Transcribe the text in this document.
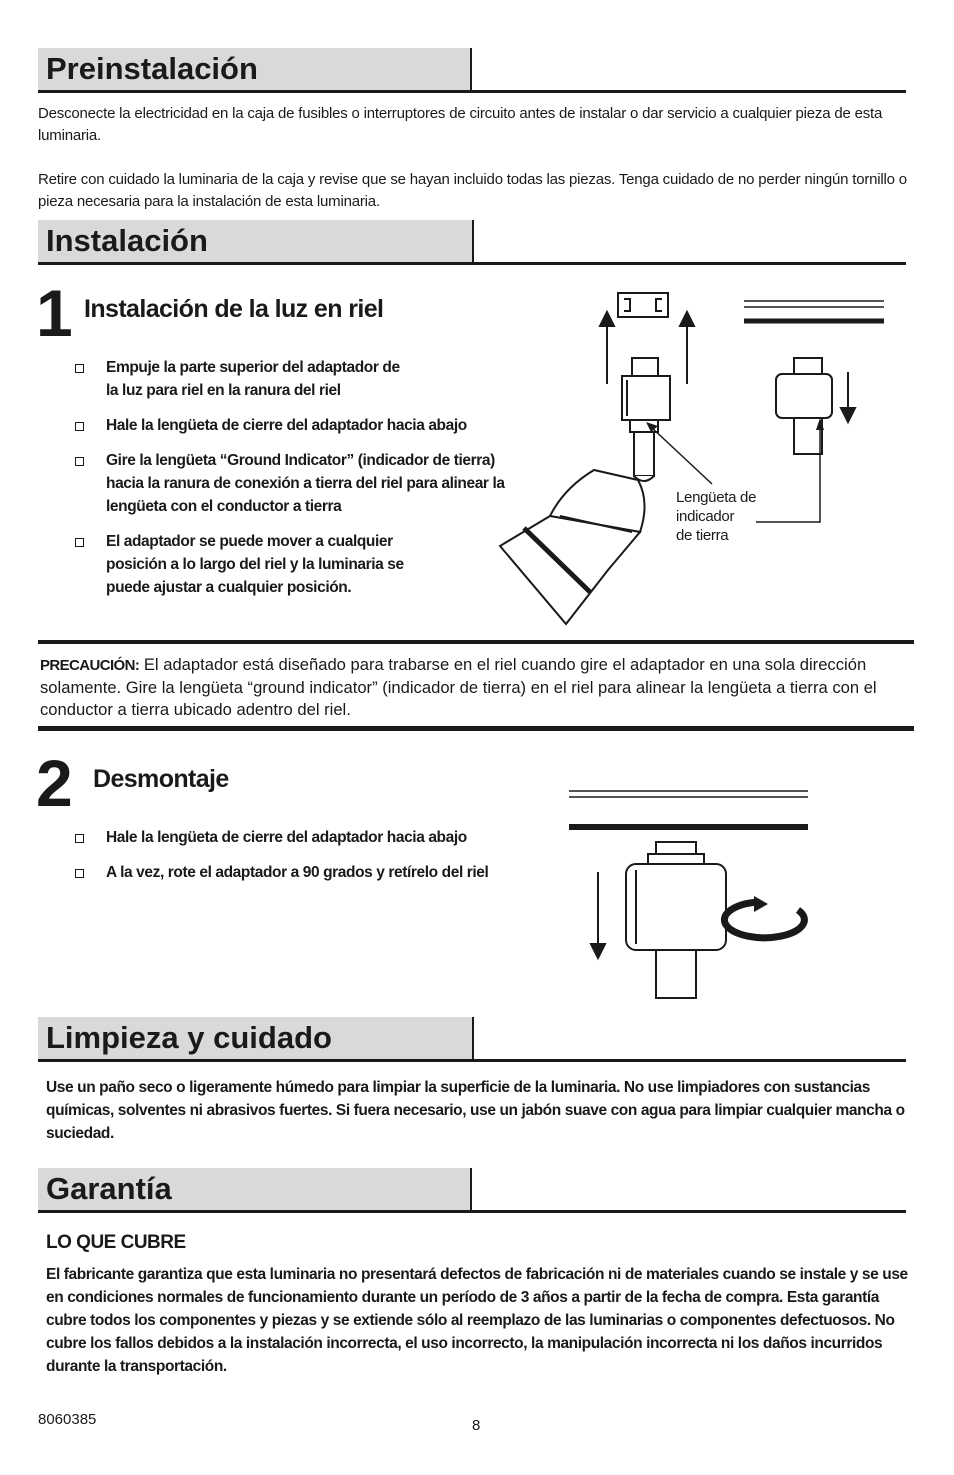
Preinstalación
Desconecte la electricidad en la caja de fusibles o interruptores de circuito antes de instalar o dar servicio a cualquier pieza de esta luminaria.
Retire con cuidado la luminaria de la caja y revise que se hayan incluido todas las piezas. Tenga cuidado de no perder ningún tornillo o pieza necesaria para la instalación de esta luminaria.
Instalación
1 Instalación de la luz en riel
Empuje la parte superior del adaptador de la luz para riel en la ranura del riel
Hale la lengüeta de cierre del adaptador hacia abajo
Gire la lengüeta “Ground Indicator” (indicador de tierra) hacia la ranura de conexión a tierra del riel para alinear la lengüeta con el conductor a tierra
El adaptador se puede mover a cualquier posición a lo largo del riel y la luminaria se puede ajustar a cualquier posición.
Lengüeta de
indicador
de tierra
PRECAUCIÓN: El adaptador está diseñado para trabarse en el riel cuando gire el adaptador en una sola dirección solamente. Gire la lengüeta “ground indicator” (indicador de tierra) en el riel para alinear la lengüeta a tierra con el conductor a tierra ubicado adentro del riel.
2 Desmontaje
Hale la lengüeta de cierre del adaptador hacia abajo
A la vez, rote el adaptador a 90 grados y retírelo del riel
Limpieza y cuidado
Use un paño seco o ligeramente húmedo para limpiar la superficie de la luminaria. No use limpiadores con sustancias químicas, solventes ni abrasivos fuertes. Si fuera necesario, use un jabón suave con agua para limpiar cualquier mancha o suciedad.
Garantía
LO QUE CUBRE
El fabricante garantiza que esta luminaria no presentará defectos de fabricación ni de materiales cuando se instale y se use en condiciones normales de funcionamiento durante un período de 3 años a partir de la fecha de compra. Esta garantía cubre todos los componentes y piezas y se extiende sólo al reemplazo de las luminarias o componentes defectuosos. No cubre los fallos debidos a la instalación incorrecta, el uso incorrecto, la manipulación incorrecta ni los daños incurridos durante la transportación.
8060385	8
